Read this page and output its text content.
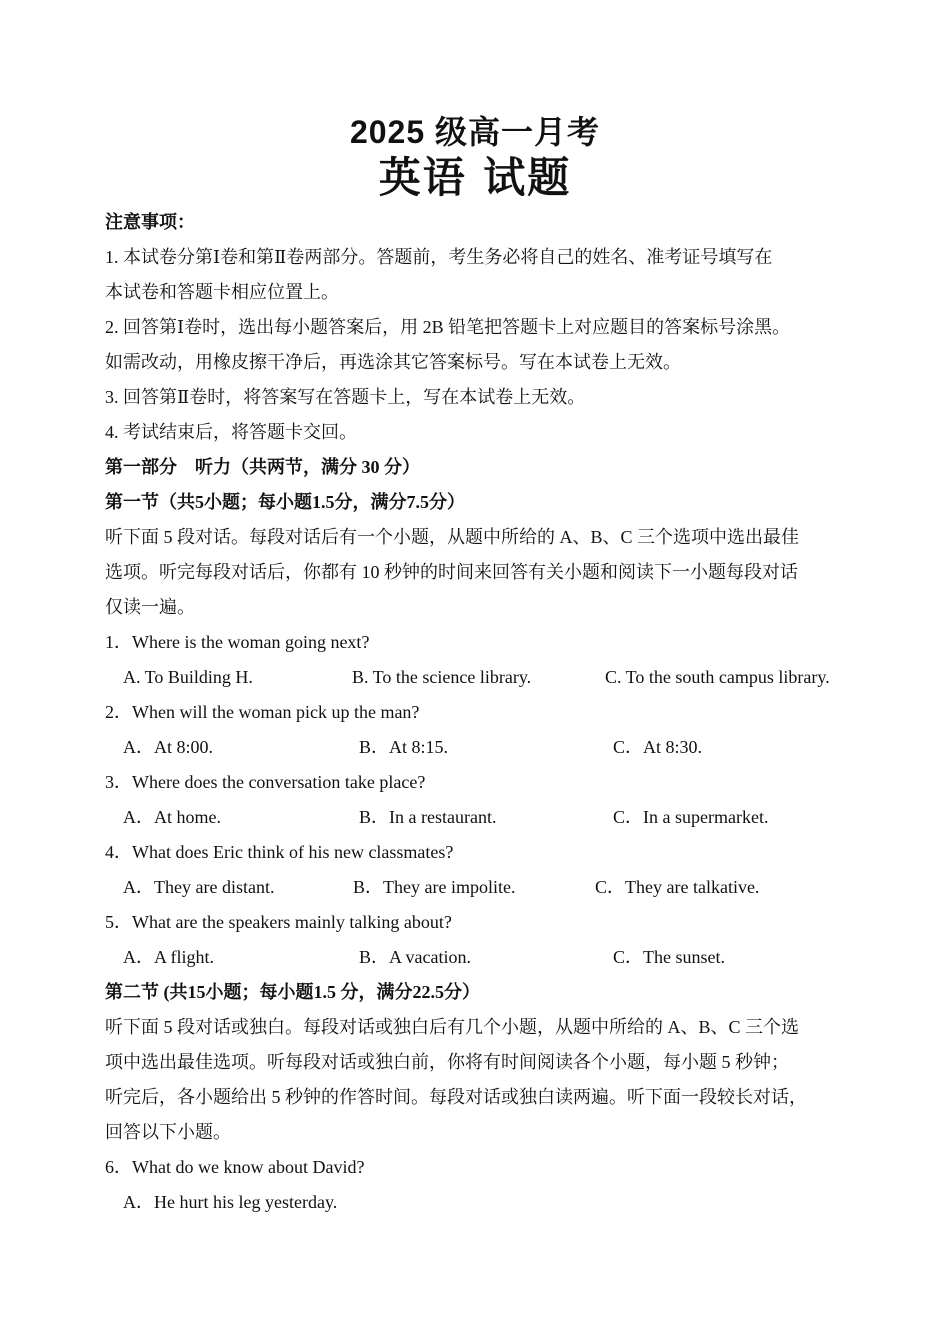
2025 级高一月考
英语 试题
注意事项：
1. 本试卷分第Ⅰ卷和第Ⅱ卷两部分。答题前，考生务必将自己的姓名、准考证号填写在
本试卷和答题卡相应位置上。
2. 回答第Ⅰ卷时，选出每小题答案后，用 2B 铅笔把答题卡上对应题目的答案标号涂黑。
如需改动，用橡皮擦干净后，再选涂其它答案标号。写在本试卷上无效。
3. 回答第Ⅱ卷时，将答案写在答题卡上，写在本试卷上无效。
4. 考试结束后，将答题卡交回。
第一部分　听力（共两节，满分 30 分）
第一节（共5小题；每小题1.5分，满分7.5分）
听下面 5 段对话。每段对话后有一个小题，从题中所给的 A、B、C 三个选项中选出最佳
选项。听完每段对话后，你都有 10 秒钟的时间来回答有关小题和阅读下一小题每段对话
仅读一遍。
1．Where is the woman going next?
A. To Building H.	B. To the science library.	C. To the south campus library.
2．When will the woman pick up the man?
A．At 8:00.	B．At 8:15.	C．At 8:30.
3．Where does the conversation take place?
A．At home.	B．In a restaurant.	C．In a supermarket.
4．What does Eric think of his new classmates?
A．They are distant.	B．They are impolite.	C．They are talkative.
5．What are the speakers mainly talking about?
A．A flight.	B．A vacation.	C．The sunset.
第二节 (共15小题；每小题1.5 分，满分22.5分）
听下面 5 段对话或独白。每段对话或独白后有几个小题，从题中所给的 A、B、C 三个选
项中选出最佳选项。听每段对话或独白前，你将有时间阅读各个小题，每小题 5 秒钟；
听完后，各小题给出 5 秒钟的作答时间。每段对话或独白读两遍。听下面一段较长对话，
回答以下小题。
6．What do we know about David?
A．He hurt his leg yesterday.
